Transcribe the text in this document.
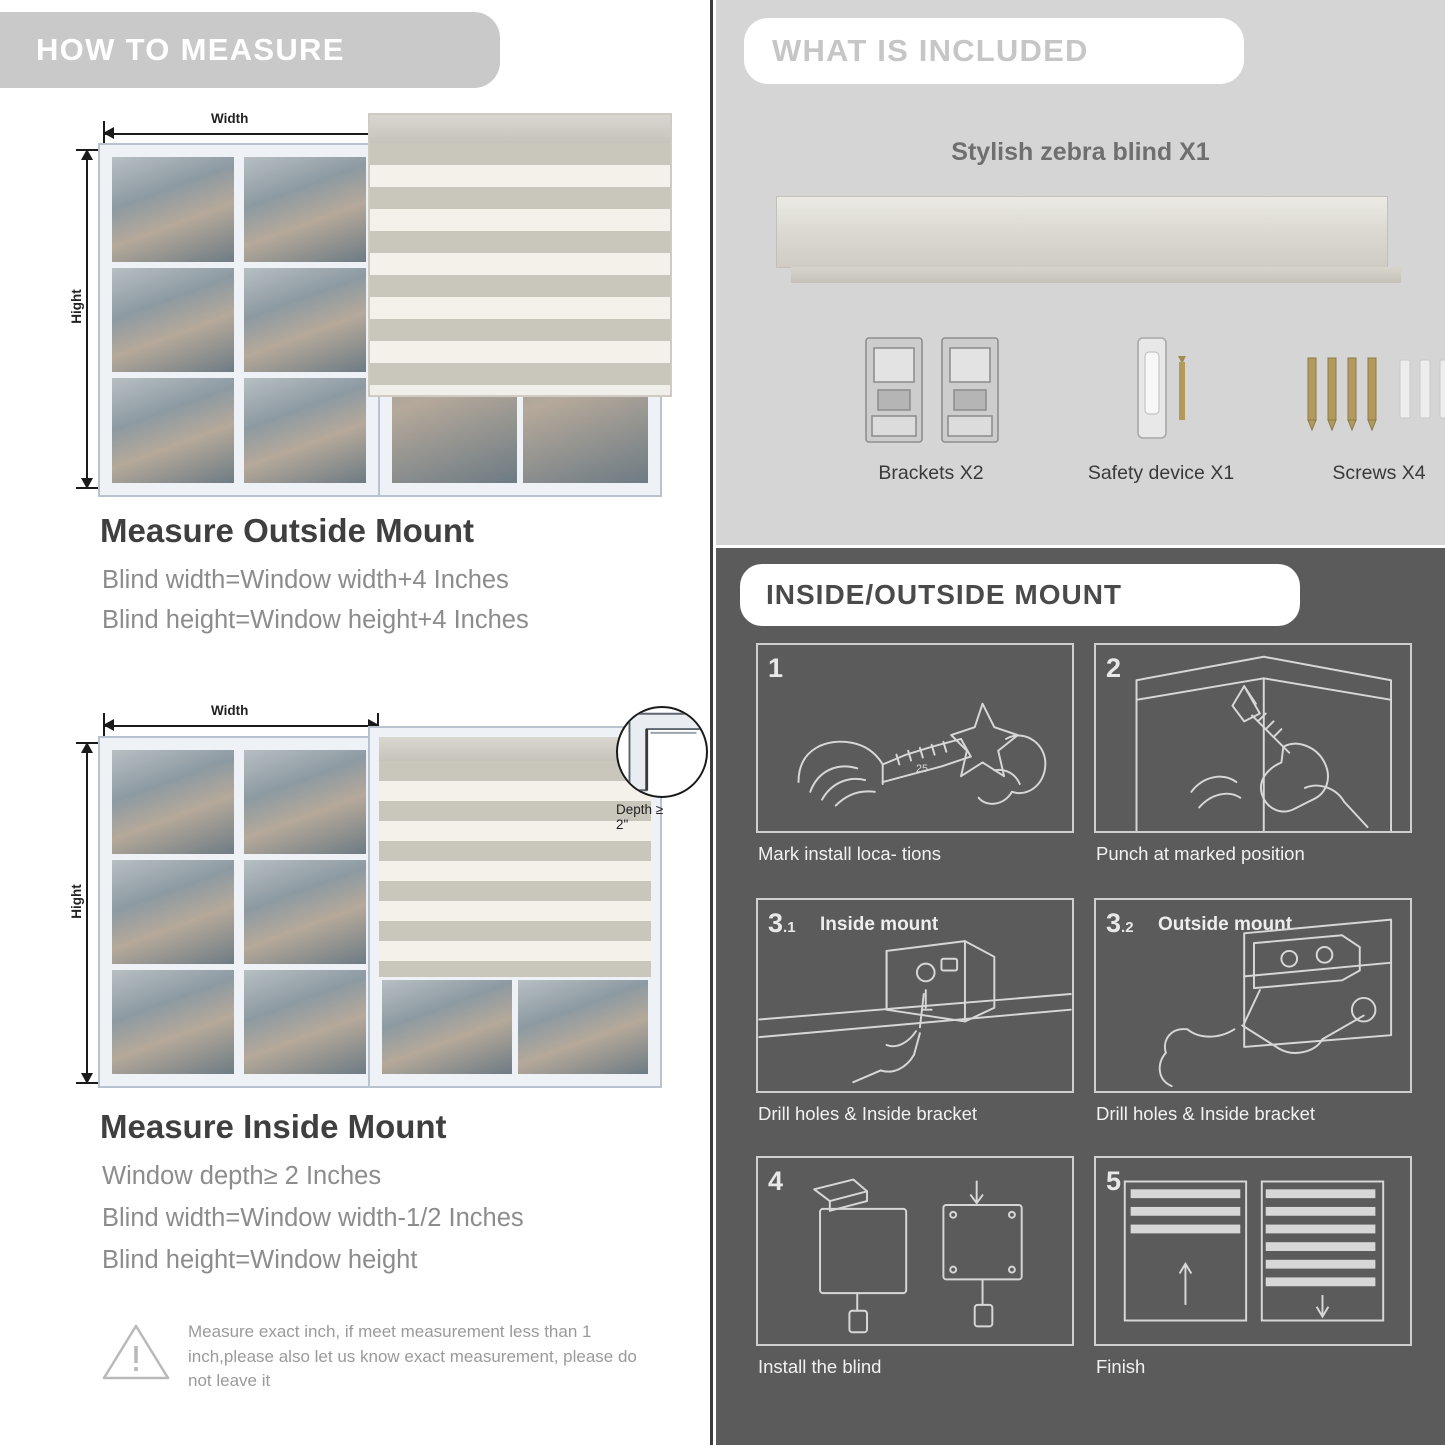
HOW TO MEASURE
Width
Hight
Measure Outside Mount

Blind width=Window width+4 Inches

Blind height=Window height+4 Inches

Width
Hight
Depth ≥ 2"
Measure Inside Mount

Window depth≥ 2 Inches

Blind width=Window width-1/2 Inches

Blind height=Window height

Measure exact inch, if meet measurement less than 1 inch,please also let us know exact measurement, please do not leave it
WHAT IS INCLUDED
Stylish zebra blind X1
Brackets X2	Safety device X1	Screws X4
INSIDE/OUTSIDE MOUNT
1
25
Mark install loca- tions
2
Punch at marked position
3.1 Inside mount
Drill holes & Inside bracket
3.2 Outside mount
Drill holes & Inside bracket
4
Install the blind
5
Finish
